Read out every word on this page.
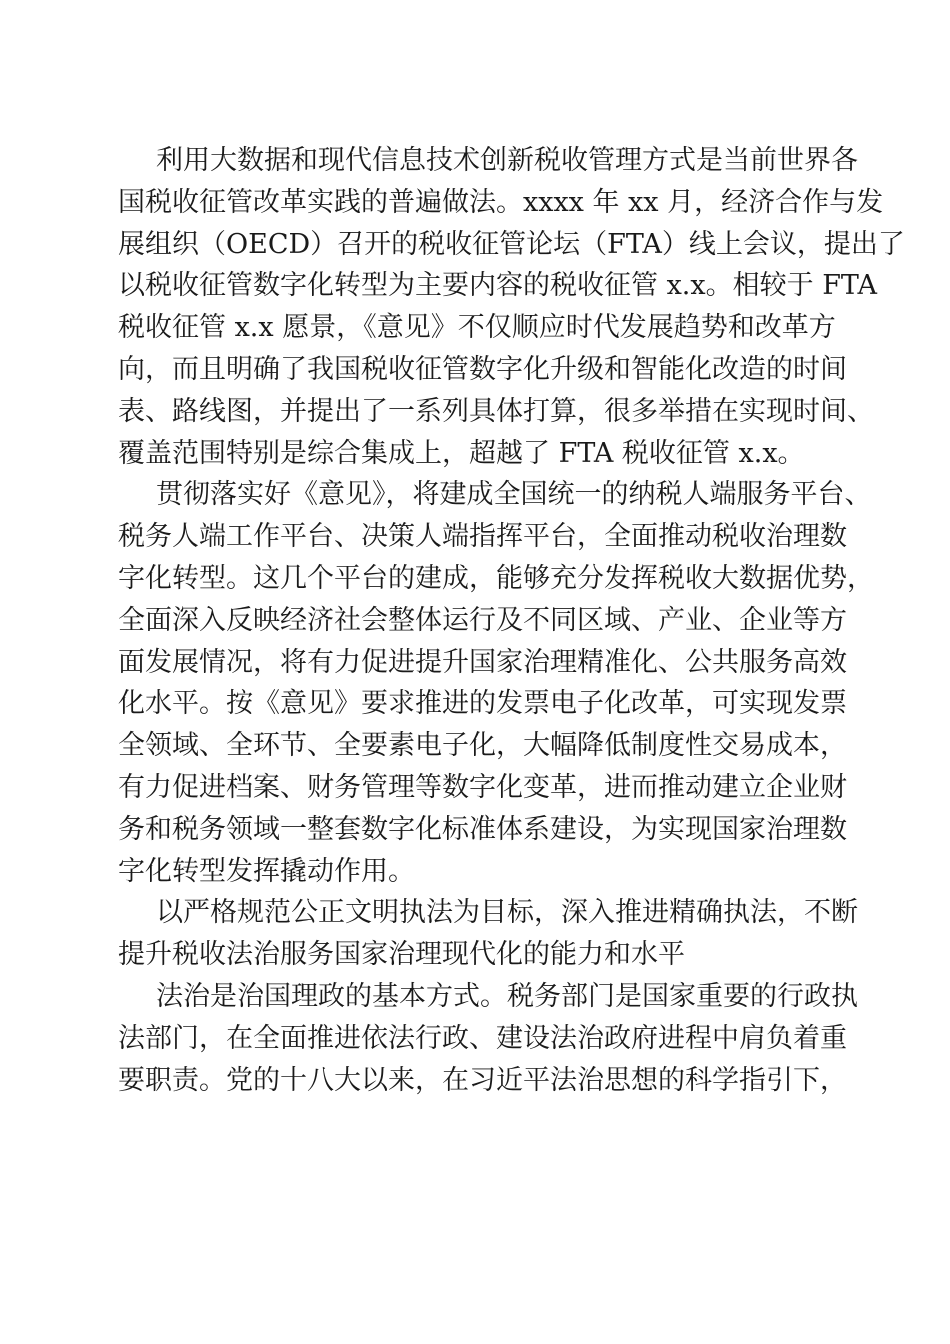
利用大数据和现代信息技术创新税收管理方式是当前世界各
国税收征管改革实践的普遍做法。xxxx 年 xx 月，经济合作与发
展组织（OECD）召开的税收征管论坛（FTA）线上会议，提出了
以税收征管数字化转型为主要内容的税收征管 x.x。相较于 FTA
税收征管 x.x 愿景，《意见》不仅顺应时代发展趋势和改革方
向，而且明确了我国税收征管数字化升级和智能化改造的时间
表、路线图，并提出了一系列具体打算，很多举措在实现时间、
覆盖范围特别是综合集成上，超越了 FTA 税收征管 x.x。
贯彻落实好《意见》，将建成全国统一的纳税人端服务平台、
税务人端工作平台、决策人端指挥平台，全面推动税收治理数
字化转型。这几个平台的建成，能够充分发挥税收大数据优势，
全面深入反映经济社会整体运行及不同区域、产业、企业等方
面发展情况，将有力促进提升国家治理精准化、公共服务高效
化水平。按《意见》要求推进的发票电子化改革，可实现发票
全领域、全环节、全要素电子化，大幅降低制度性交易成本，
有力促进档案、财务管理等数字化变革，进而推动建立企业财
务和税务领域一整套数字化标准体系建设，为实现国家治理数
字化转型发挥撬动作用。
以严格规范公正文明执法为目标，深入推进精确执法，不断
提升税收法治服务国家治理现代化的能力和水平
法治是治国理政的基本方式。税务部门是国家重要的行政执
法部门，在全面推进依法行政、建设法治政府进程中肩负着重
要职责。党的十八大以来，在习近平法治思想的科学指引下，
